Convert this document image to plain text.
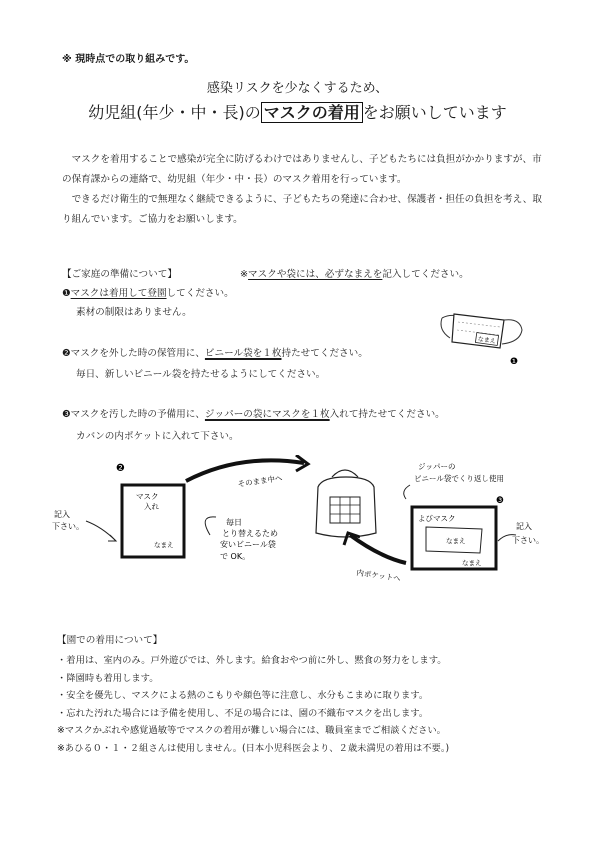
※ 現時点での取り組みです。
感染リスクを少なくするため、
幼児組(年少・中・長)の マスクの着用 をお願いしています

　マスクを着用することで感染が完全に防げるわけではありませんし、子どもたちには負担がかかりますが、市の保育課からの連絡で、幼児組（年少・中・長）のマスク着用を行っています。

　できるだけ衛生的で無理なく継続できるように、子どもたちの発達に合わせ、保護者・担任の負担を考え、取り組んでいます。ご協力をお願いします。

【ご家庭の準備について】	※マスクや袋には、必ずなまえを記入してください。
❶マスクは着用して登園してください。
素材の制限はありません。
❷マスクを外した時の保管用に、ビニール袋を１枚持たせてください。
毎日、新しいビニール袋を持たせるようにしてください。
❸マスクを汚した時の予備用に、ジッパーの袋にマスクを１枚入れて持たせてください。
カバンの内ポケットに入れて下さい。
なまえ
❶
❷
記入
下さい。
マスク
入れ
なまえ
毎日
とり替えるため
安いビニール袋
で OK。
そのまま中へ
内ポケットへ
ジッパーの
ビニール袋でくり返し使用
❸
よびマスク
なまえ
なまえ
記入
下さい。
【園での着用について】
・着用は、室内のみ。戸外遊びでは、外します。給食おやつ前に外し、黙食の努力をします。
・降園時も着用します。
・安全を優先し、マスクによる熱のこもりや顔色等に注意し、水分もこまめに取ります。
・忘れた汚れた場合には予備を使用し、不足の場合には、園の不織布マスクを出します。
※マスクかぶれや感覚過敏等でマスクの着用が難しい場合には、職員室までご相談ください。
※あひる０・１・２組さんは使用しません。(日本小児科医会より、２歳未満児の着用は不要。)
